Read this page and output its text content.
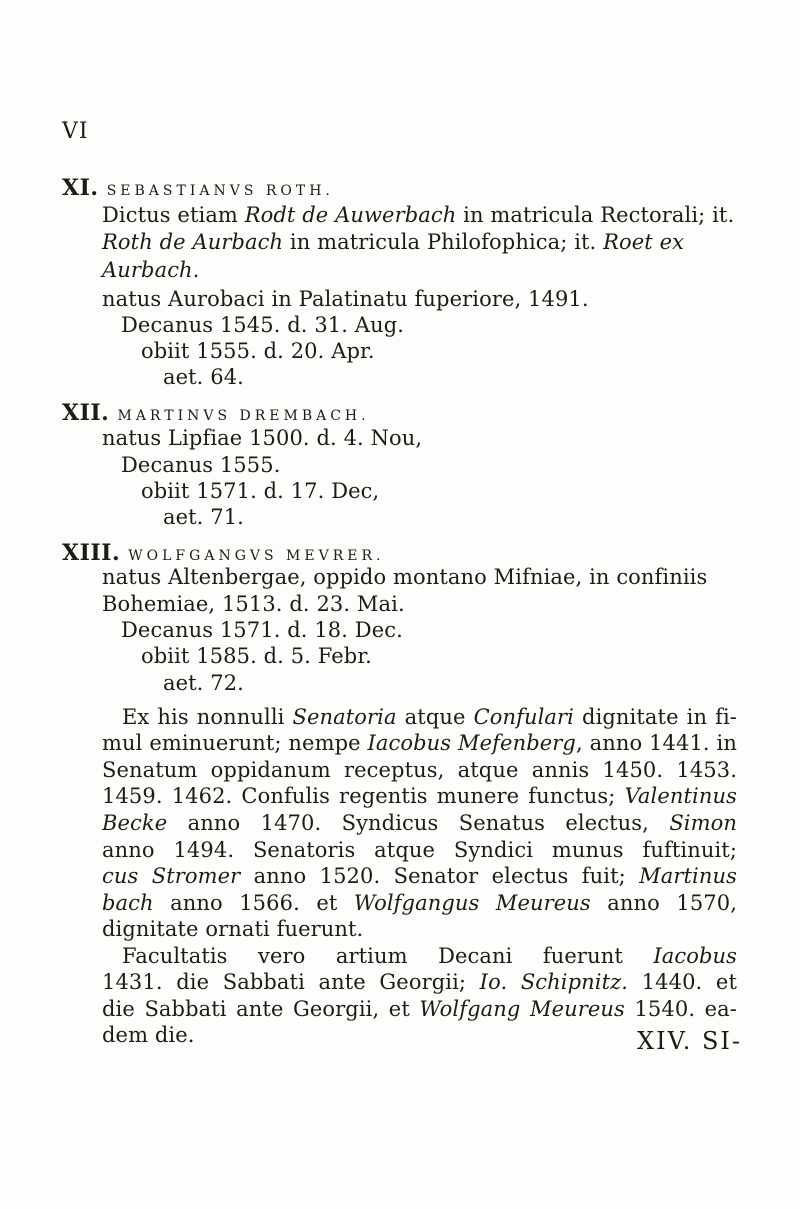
VI
XI. SEBASTIANVS ROTH.
Dictus etiam Rodt de Auwerbach in matricula Rectorali; it.
Roth de Aurbach in matricula Philofophica; it. Roet ex
Aurbach.
natus Aurobaci in Palatinatu fuperiore, 1491.
Decanus 1545. d. 31. Aug.
obiit 1555. d. 20. Apr.
aet. 64.
XII. MARTINVS DREMBACH.
natus Lipfiae 1500. d. 4. Nou,
Decanus 1555.
obiit 1571. d. 17. Dec,
aet. 71.
XIII. WOLFGANGVS MEVRER.
natus Altenbergae, oppido montano Mifniae, in confiniis
Bohemiae, 1513. d. 23. Mai.
Decanus 1571. d. 18. Dec.
obiit 1585. d. 5. Febr.
aet. 72.
Ex his nonnulli Senatoria atque Confulari dignitate in fi-
mul eminuerunt; nempe Iacobus Mefenberg, anno 1441. in
Senatum oppidanum receptus, atque annis 1450. 1453.
1459. 1462. Confulis regentis munere functus; Valentinus
Becke anno 1470. Syndicus Senatus electus, Simon
anno 1494. Senatoris atque Syndici munus fuftinuit;
cus Stromer anno 1520. Senator electus fuit; Martinus
bach anno 1566. et Wolfgangus Meureus anno 1570,
dignitate ornati fuerunt.
Facultatis vero artium Decani fuerunt Iacobus
1431. die Sabbati ante Georgii; Io. Schipnitz. 1440. et
die Sabbati ante Georgii, et Wolfgang Meureus 1540. ea-
dem die.	XIV. SI-
